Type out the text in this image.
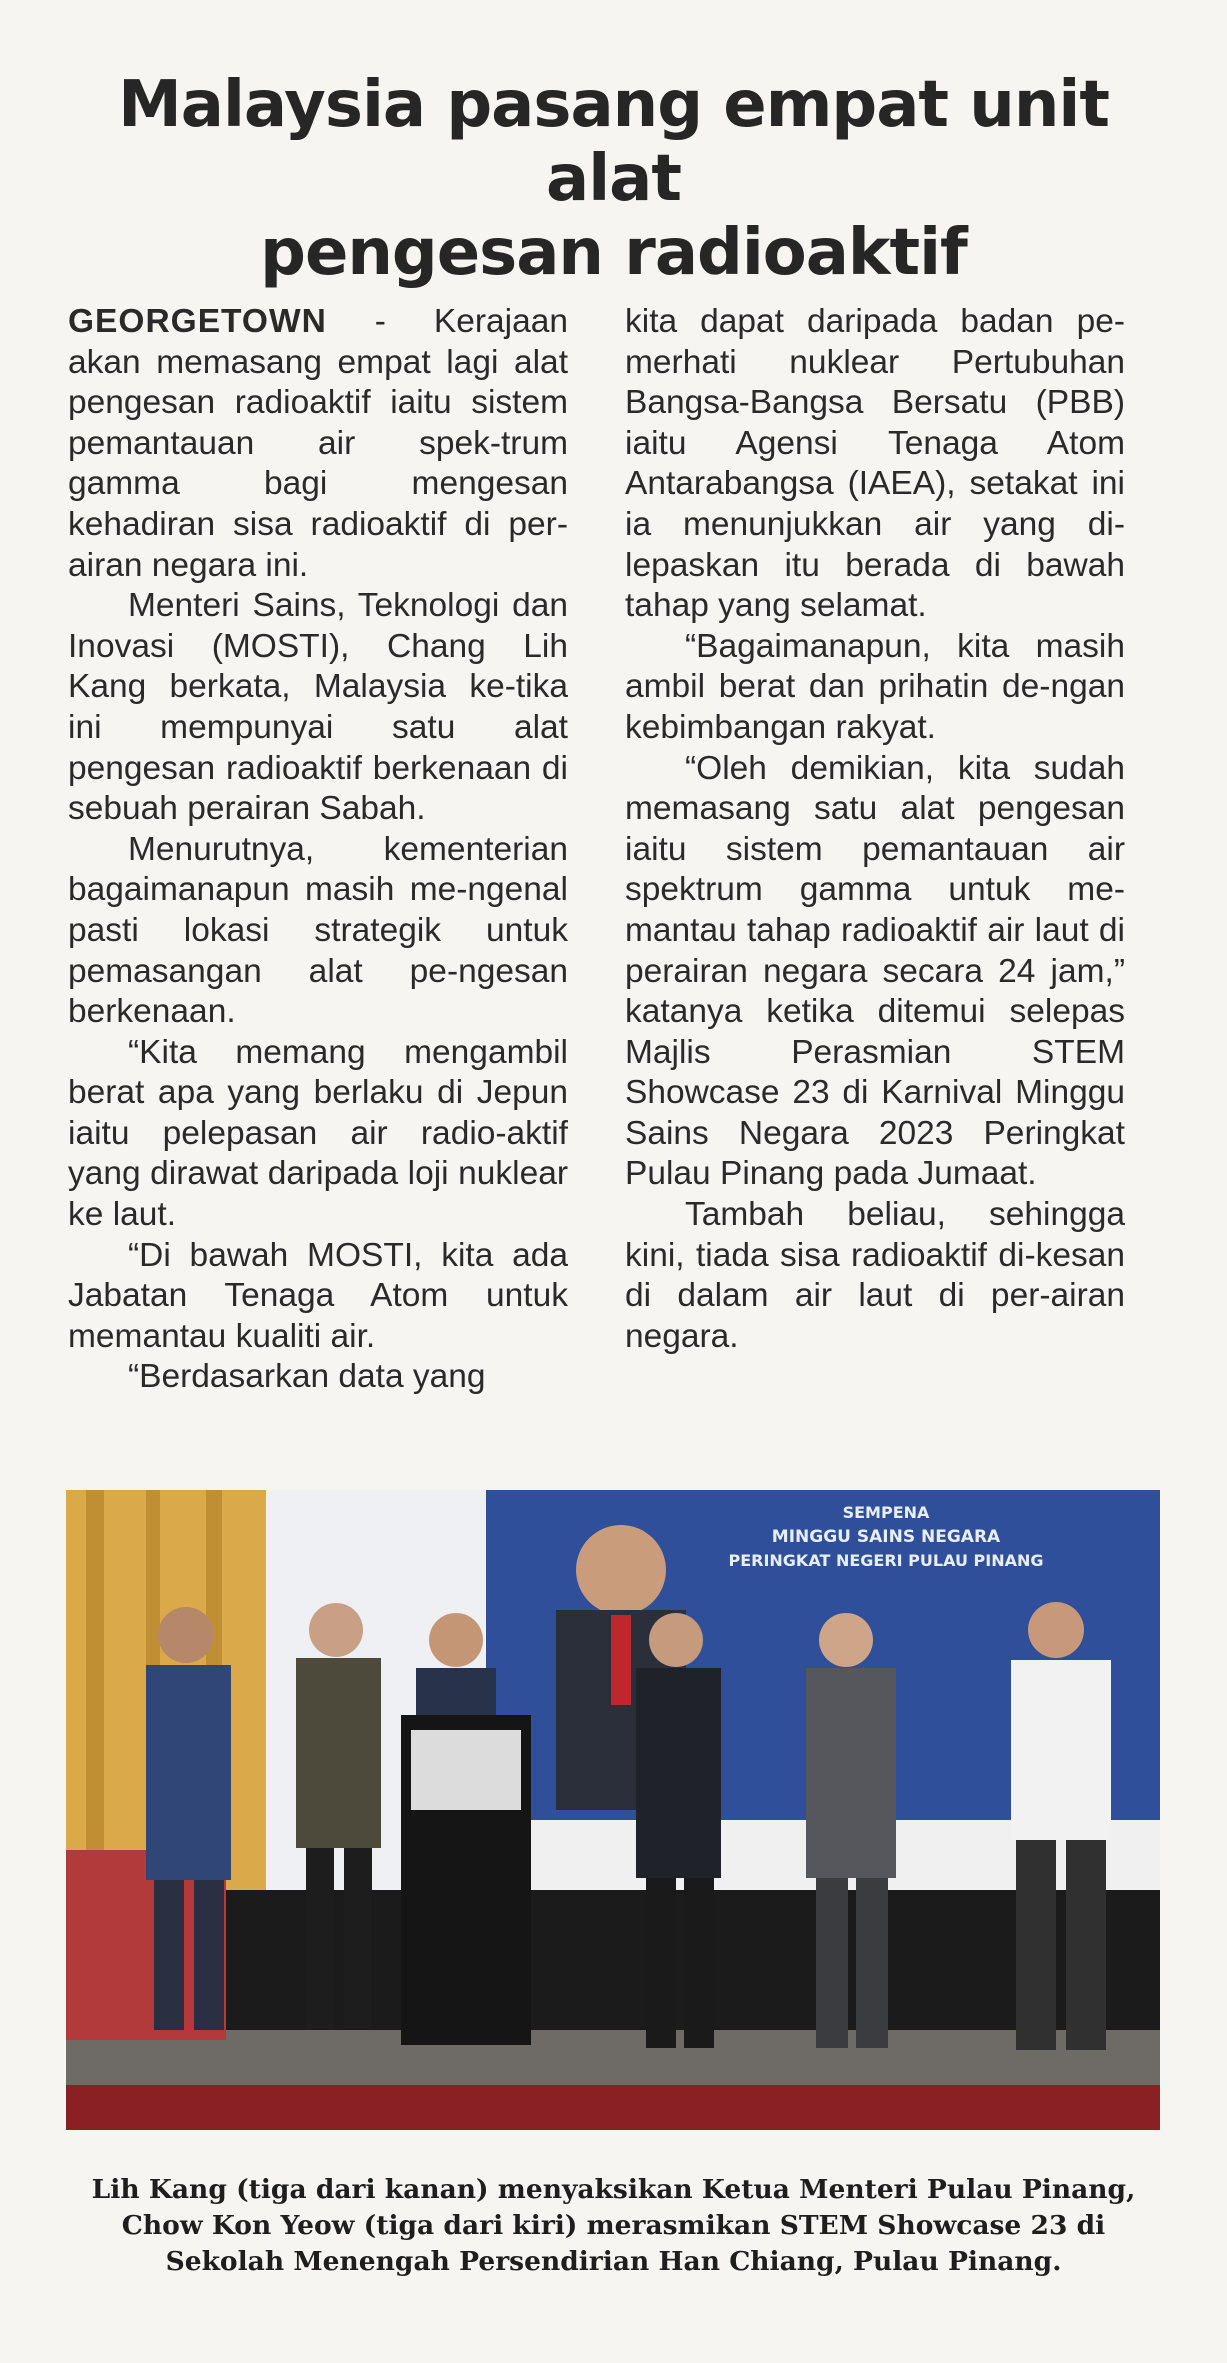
Malaysia pasang empat unit alat
pengesan radioaktif

GEORGETOWN - Kerajaan akan memasang empat lagi alat pengesan radioaktif iaitu sistem pemantauan air spek-trum gamma bagi mengesan kehadiran sisa radioaktif di per-airan negara ini.

Menteri Sains, Teknologi dan Inovasi (MOSTI), Chang Lih Kang berkata, Malaysia ke-tika ini mempunyai satu alat pengesan radioaktif berkenaan di sebuah perairan Sabah.

Menurutnya, kementerian bagaimanapun masih me-ngenal pasti lokasi strategik untuk pemasangan alat pe-ngesan berkenaan.

“Kita memang mengambil berat apa yang berlaku di Jepun iaitu pelepasan air radio-aktif yang dirawat daripada loji nuklear ke laut.

“Di bawah MOSTI, kita ada Jabatan Tenaga Atom untuk memantau kualiti air.

“Berdasarkan data yang

kita dapat daripada badan pe-merhati nuklear Pertubuhan Bangsa-Bangsa Bersatu (PBB) iaitu Agensi Tenaga Atom Antarabangsa (IAEA), setakat ini ia menunjukkan air yang di-lepaskan itu berada di bawah tahap yang selamat.

“Bagaimanapun, kita masih ambil berat dan prihatin de-ngan kebimbangan rakyat.

“Oleh demikian, kita sudah memasang satu alat pengesan iaitu sistem pemantauan air spektrum gamma untuk me-mantau tahap radioaktif air laut di perairan negara secara 24 jam,” katanya ketika ditemui selepas Majlis Perasmian STEM Showcase 23 di Karnival Minggu Sains Negara 2023 Peringkat Pulau Pinang pada Jumaat.

Tambah beliau, sehingga kini, tiada sisa radioaktif di-kesan di dalam air laut di per-airan negara.

SEMPENA
MINGGU SAINS NEGARA
PERINGKAT NEGERI PULAU PINANG
Lih Kang (tiga dari kanan) menyaksikan Ketua Menteri Pulau Pinang,
Chow Kon Yeow (tiga dari kiri) merasmikan STEM Showcase 23 di
Sekolah Menengah Persendirian Han Chiang, Pulau Pinang.
